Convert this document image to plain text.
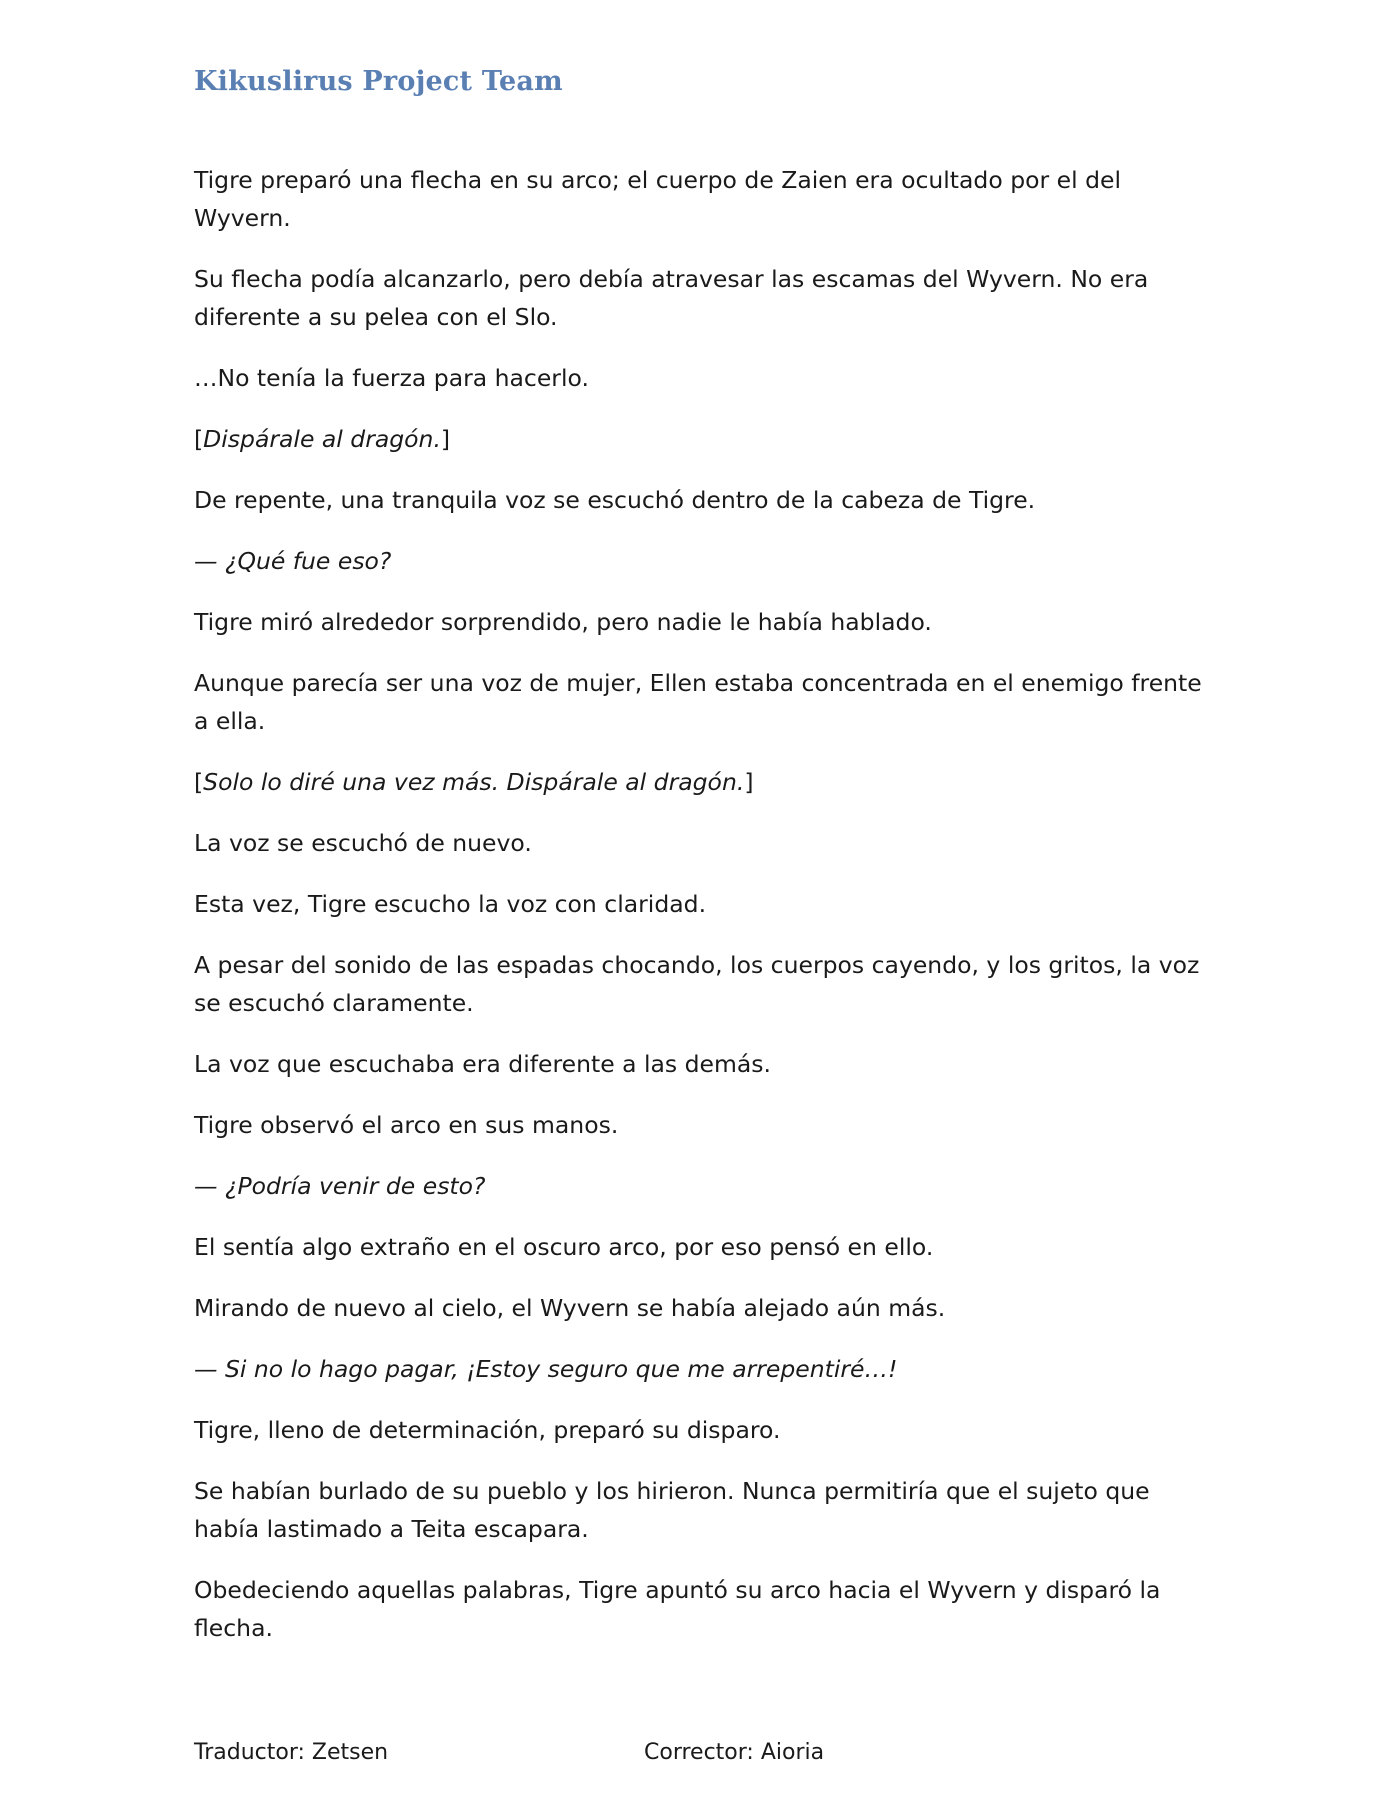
Kikuslirus Project Team

Tigre preparó una flecha en su arco; el cuerpo de Zaien era ocultado por el del Wyvern.

Su flecha podía alcanzarlo, pero debía atravesar las escamas del Wyvern. No era diferente a su pelea con el Slo.

…No tenía la fuerza para hacerlo.

[Dispárale al dragón.]

De repente, una tranquila voz se escuchó dentro de la cabeza de Tigre.

— ¿Qué fue eso?

Tigre miró alrededor sorprendido, pero nadie le había hablado.

Aunque parecía ser una voz de mujer, Ellen estaba concentrada en el enemigo frente a ella.

[Solo lo diré una vez más. Dispárale al dragón.]

La voz se escuchó de nuevo.

Esta vez, Tigre escucho la voz con claridad.

A pesar del sonido de las espadas chocando, los cuerpos cayendo, y los gritos, la voz se escuchó claramente.

La voz que escuchaba era diferente a las demás.

Tigre observó el arco en sus manos.

— ¿Podría venir de esto?

El sentía algo extraño en el oscuro arco, por eso pensó en ello.

Mirando de nuevo al cielo, el Wyvern se había alejado aún más.

— Si no lo hago pagar, ¡Estoy seguro que me arrepentiré…!

Tigre, lleno de determinación, preparó su disparo.

Se habían burlado de su pueblo y los hirieron. Nunca permitiría que el sujeto que había lastimado a Teita escapara.

Obedeciendo aquellas palabras, Tigre apuntó su arco hacia el Wyvern y disparó la flecha.

Traductor: Zetsen	Corrector: Aioria
